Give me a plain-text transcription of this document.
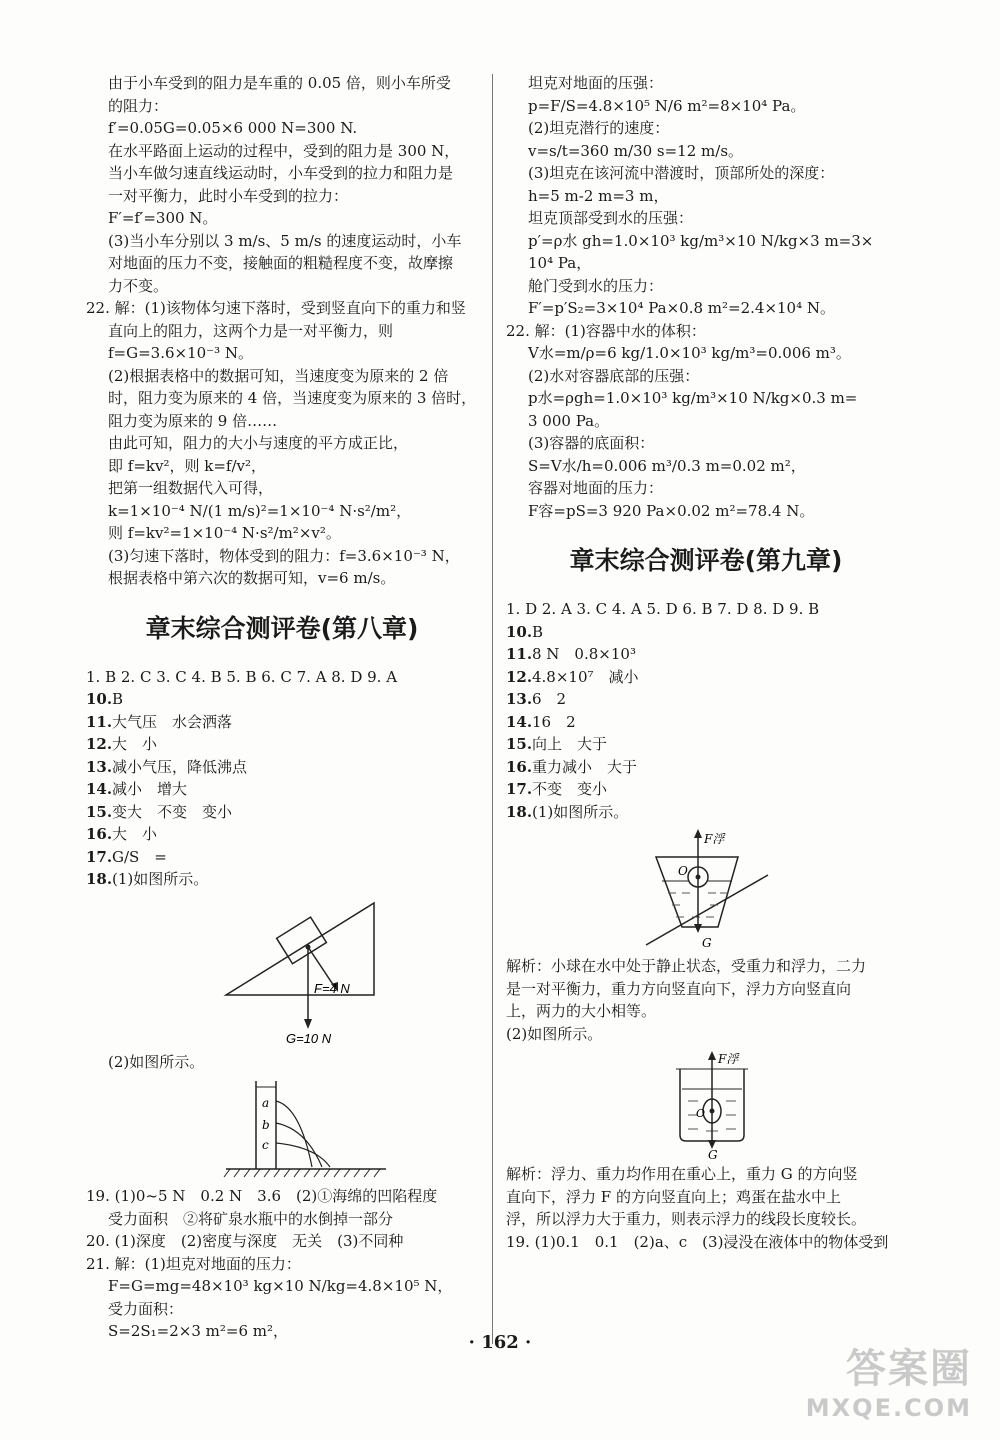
由于小车受到的阻力是车重的 0.05 倍，则小车所受
的阻力：
f′=0.05G=0.05×6 000 N=300 N.
在水平路面上运动的过程中，受到的阻力是 300 N，
当小车做匀速直线运动时，小车受到的拉力和阻力是
一对平衡力，此时小车受到的拉力：
F′=f′=300 N。
(3)当小车分别以 3 m/s、5 m/s 的速度运动时，小车
对地面的压力不变，接触面的粗糙程度不变，故摩擦
力不变。
22. 解：(1)该物体匀速下落时，受到竖直向下的重力和竖
直向上的阻力，这两个力是一对平衡力，则
f=G=3.6×10⁻³ N。
(2)根据表格中的数据可知，当速度变为原来的 2 倍
时，阻力变为原来的 4 倍，当速度变为原来的 3 倍时，
阻力变为原来的 9 倍……
由此可知，阻力的大小与速度的平方成正比，
即 f=kv²，则 k=f/v²，
把第一组数据代入可得，
k=1×10⁻⁴ N/(1 m/s)²=1×10⁻⁴ N·s²/m²，
则 f=kv²=1×10⁻⁴ N·s²/m²×v²。
(3)匀速下落时，物体受到的阻力：f=3.6×10⁻³ N，
根据表格中第六次的数据可知，v=6 m/s。
章末综合测评卷(第八章)
1. B 2. C 3. C 4. B 5. B 6. C 7. A 8. D 9. A
10.B
11.大气压　水会洒落
12.大　小
13.减小气压，降低沸点
14.减小　增大
15.变大　不变　变小
16.大　小
17.G/S　=
18.(1)如图所示。
F=4 N
G=10 N
(2)如图所示。
a
b
c
19. (1)0~5 N　0.2 N　3.6　(2)①海绵的凹陷程度
受力面积　②将矿泉水瓶中的水倒掉一部分
20. (1)深度　(2)密度与深度　无关　(3)不同种
21. 解：(1)坦克对地面的压力：
F=G=mg=48×10³ kg×10 N/kg=4.8×10⁵ N，
受力面积：
S=2S₁=2×3 m²=6 m²，
坦克对地面的压强：
p=F/S=4.8×10⁵ N/6 m²=8×10⁴ Pa。
(2)坦克潜行的速度：
v=s/t=360 m/30 s=12 m/s。
(3)坦克在该河流中潜渡时，顶部所处的深度：
h=5 m-2 m=3 m，
坦克顶部受到水的压强：
p′=ρ水 gh=1.0×10³ kg/m³×10 N/kg×3 m=3×
10⁴ Pa，
舱门受到水的压力：
F′=p′S₂=3×10⁴ Pa×0.8 m²=2.4×10⁴ N。
22. 解：(1)容器中水的体积：
V水=m/ρ=6 kg/1.0×10³ kg/m³=0.006 m³。
(2)水对容器底部的压强：
p水=ρgh=1.0×10³ kg/m³×10 N/kg×0.3 m=
3 000 Pa。
(3)容器的底面积：
S=V水/h=0.006 m³/0.3 m=0.02 m²，
容器对地面的压力：
F容=pS=3 920 Pa×0.02 m²=78.4 N。
章末综合测评卷(第九章)
1. D 2. A 3. C 4. A 5. D 6. B 7. D 8. D 9. B
10.B
11.8 N　0.8×10³
12.4.8×10⁷　减小
13.6　2
14.16　2
15.向上　大于
16.重力减小　大于
17.不变　变小
18.(1)如图所示。
F浮
O
G
解析：小球在水中处于静止状态，受重力和浮力，二力
是一对平衡力，重力方向竖直向下，浮力方向竖直向
上，两力的大小相等。
(2)如图所示。
F浮
O
G
解析：浮力、重力均作用在重心上，重力 G 的方向竖
直向下，浮力 F 的方向竖直向上；鸡蛋在盐水中上
浮，所以浮力大于重力，则表示浮力的线段长度较长。
19. (1)0.1　0.1　(2)a、c　(3)浸没在液体中的物体受到
· 162 ·
答案圈
MXQE.COM
